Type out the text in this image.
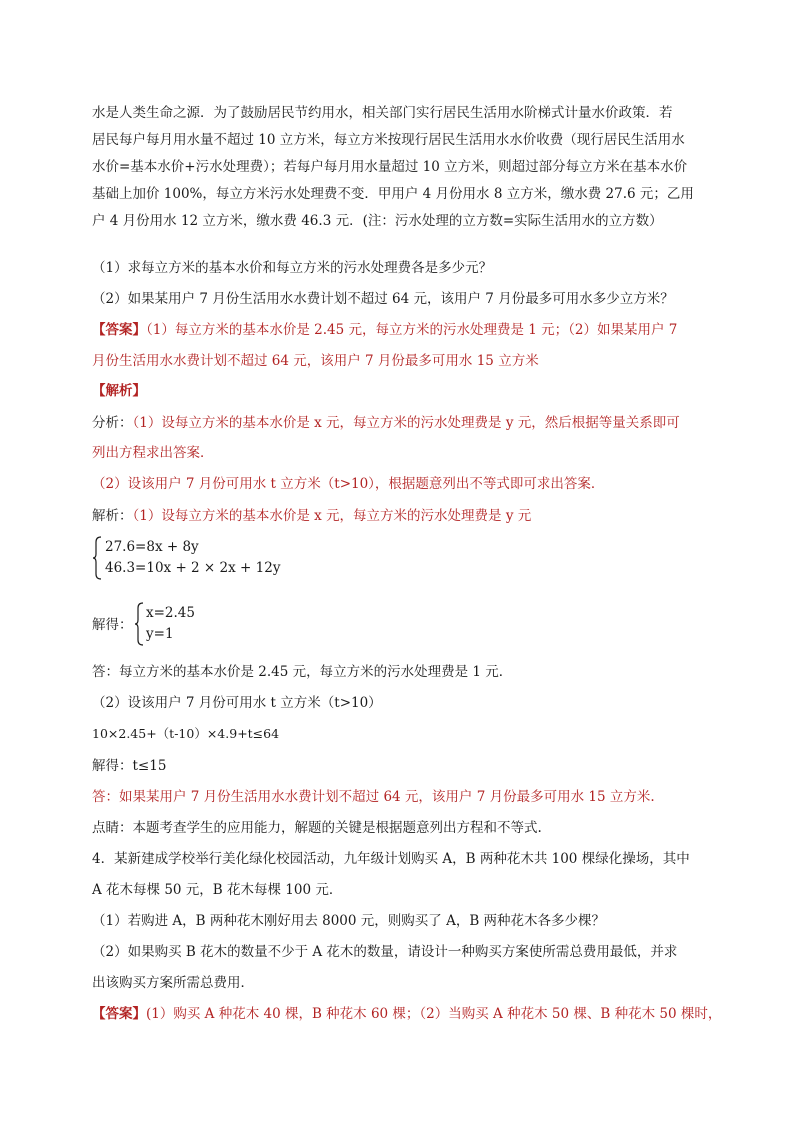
水是人类生命之源．为了鼓励居民节约用水，相关部门实行居民生活用水阶梯式计量水价政策．若
居民每户每月用水量不超过 10 立方米，每立方米按现行居民生活用水水价收费（现行居民生活用水
水价=基本水价+污水处理费）；若每户每月用水量超过 10 立方米，则超过部分每立方米在基本水价
基础上加价 100%，每立方米污水处理费不变．甲用户 4 月份用水 8 立方米，缴水费 27.6 元；乙用
户 4 月份用水 12 立方米，缴水费 46.3 元．(注：污水处理的立方数=实际生活用水的立方数）
（1）求每立方米的基本水价和每立方米的污水处理费各是多少元？
（2）如果某用户 7 月份生活用水水费计划不超过 64 元，该用户 7 月份最多可用水多少立方米？
【答案】（1）每立方米的基本水价是 2.45 元，每立方米的污水处理费是 1 元；（2）如果某用户 7
月份生活用水水费计划不超过 64 元，该用户 7 月份最多可用水 15 立方米
【解析】
分析：（1）设每立方米的基本水价是 x 元，每立方米的污水处理费是 y 元，然后根据等量关系即可
列出方程求出答案．
（2）设该用户 7 月份可用水 t 立方米（t>10），根据题意列出不等式即可求出答案．
解析：（1）设每立方米的基本水价是 x 元，每立方米的污水处理费是 y 元
27.6=8x + 8y
46.3=10x + 2 × 2x + 12y
解得：
x=2.45
y=1
答：每立方米的基本水价是 2.45 元，每立方米的污水处理费是 1 元．
（2）设该用户 7 月份可用水 t 立方米（t>10）
10×2.45+（t-10）×4.9+t≤64
解得：t≤15
答：如果某用户 7 月份生活用水水费计划不超过 64 元，该用户 7 月份最多可用水 15 立方米.
点睛：本题考查学生的应用能力，解题的关键是根据题意列出方程和不等式.
4．某新建成学校举行美化绿化校园活动，九年级计划购买 A，B 两种花木共 100 棵绿化操场，其中
A 花木每棵 50 元，B 花木每棵 100 元．
（1）若购进 A，B 两种花木刚好用去 8000 元，则购买了 A，B 两种花木各多少棵？
（2）如果购买 B 花木的数量不少于 A 花木的数量，请设计一种购买方案使所需总费用最低，并求
出该购买方案所需总费用．
【答案】(1）购买 A 种花木 40 棵，B 种花木 60 棵；（2）当购买 A 种花木 50 棵、B 种花木 50 棵时，
